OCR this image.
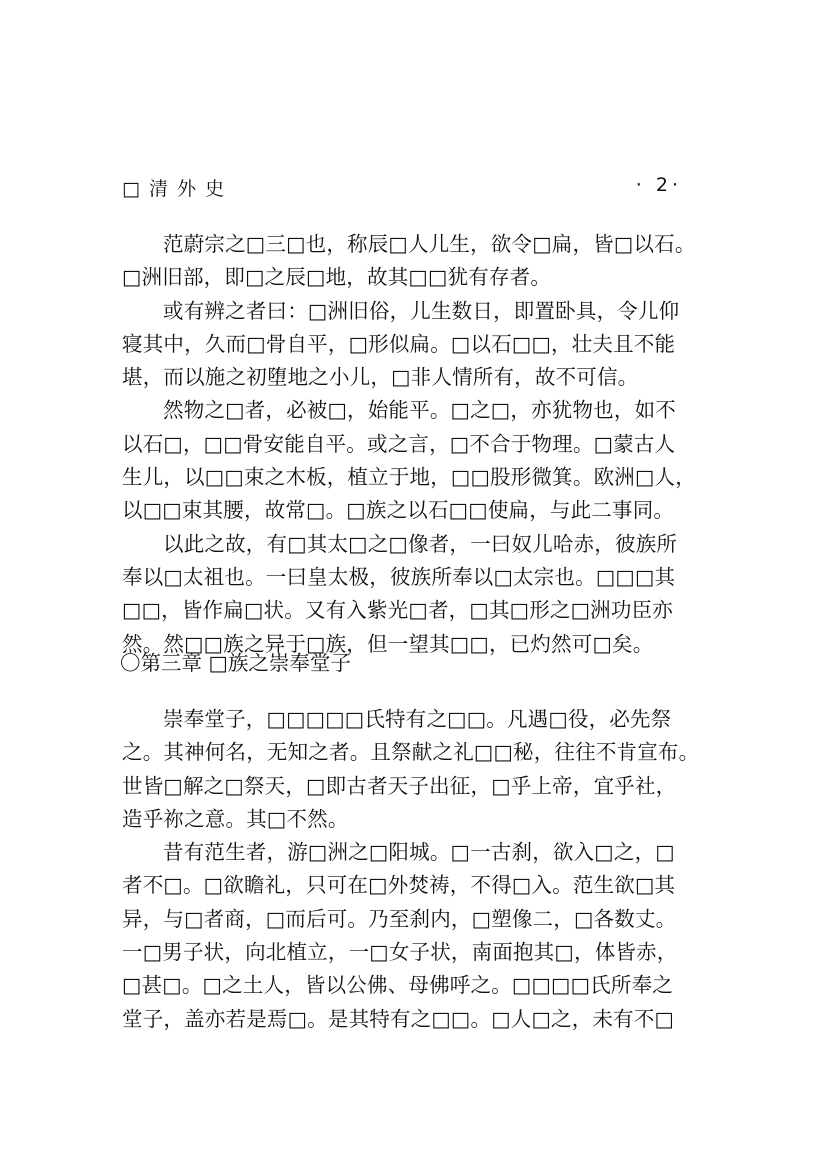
□清外史	· 2·
范蔚宗之□三□也，称辰□人儿生，欲令□扁，皆□以石。
□洲旧部，即□之辰□地，故其□□犹有存者。
或有辨之者曰：□洲旧俗，儿生数日，即置卧具，令儿仰
寝其中，久而□骨自平，□形似扁。□以石□□，壮夫且不能
堪，而以施之初堕地之小儿，□非人情所有，故不可信。
然物之□者，必被□，始能平。□之□，亦犹物也，如不
以石□，□□骨安能自平。或之言，□不合于物理。□蒙古人
生儿，以□□束之木板，植立于地，□□股形微箕。欧洲□人，
以□□束其腰，故常□。□族之以石□□使扁，与此二事同。
以此之故，有□其太□之□像者，一曰奴儿哈赤，彼族所
奉以□太祖也。一曰皇太极，彼族所奉以□太宗也。□□□其
□□，皆作扁□状。又有入紫光□者，□其□形之□洲功臣亦
然。然□□族之异于□族，但一望其□□，已灼然可□矣。
〇第三章 □族之崇奉堂子
崇奉堂子，□□□□□氏特有之□□。凡遇□役，必先祭
之。其神何名，无知之者。且祭献之礼□□秘，往往不肯宣布。
世皆□解之□祭天，□即古者天子出征，□乎上帝，宜乎社，
造乎祢之意。其□不然。
昔有范生者，游□洲之□阳城。□一古刹，欲入□之，□
者不□。□欲瞻礼，只可在□外焚祷，不得□入。范生欲□其
异，与□者商，□而后可。乃至刹内，□塑像二，□各数丈。
一□男子状，向北植立，一□女子状，南面抱其□，体皆赤，
□甚□。□之土人，皆以公佛、母佛呼之。□□□□氏所奉之
堂子，盖亦若是焉□。是其特有之□□。□人□之，未有不□
